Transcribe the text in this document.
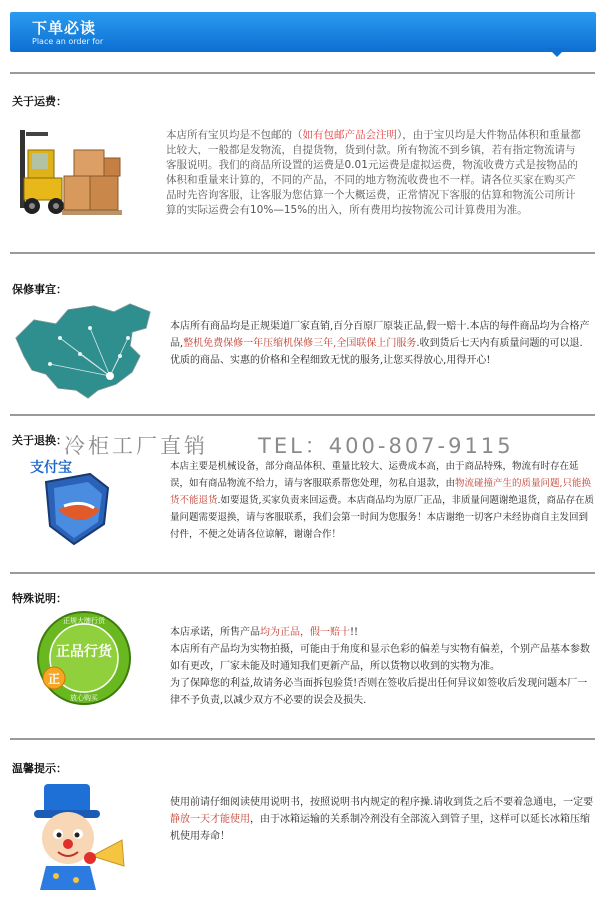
下单必读
Place an order for
关于运费：
本店所有宝贝均是不包邮的（如有包邮产品会注明），由于宝贝均是大件物品体积和重量都比较大，一般都是发物流，自提货物，货到付款。所有物流不到乡镇，若有指定物流请与客服说明。我们的商品所设置的运费是0.01元运费是虚拟运费，物流收费方式是按物品的体积和重量来计算的，不同的产品，不同的地方物流收费也不一样。请各位买家在购买产品时先咨询客服，让客服为您估算一个大概运费，正常情况下客服的估算和物流公司所计算的实际运费会有10%—15%的出入，所有费用均按物流公司计算费用为准。
保修事宜：
本店所有商品均是正规渠道厂家直销,百分百原厂原装正品,假一赔十.本店的每件商品均为合格产品,整机免费保修一年压缩机保修三年,全国联保上门服务.收到货后七天内有质量问题的可以退.优质的商品、实惠的价格和全程细致无忧的服务,让您买得放心,用得开心!
关于退换：
支付宝	本店主要是机械设备，部分商品体积、重量比较大、运费成本高，由于商品特殊，物流有时存在延误，如有商品物流不给力，请与客服联系帮您处理，勿私自退款，由物流碰撞产生的质量问题,只能换货不能退货.如要退货,买家负责来回运费。本店商品均为原厂正品，非质量问题谢绝退货，商品存在质量问题需要退换，请与客服联系，我们会第一时间为您服务！本店谢绝一切客户未经协商自主发回到付件，不便之处请各位谅解，谢谢合作！
冷柜工厂直销 TEL：400-807-9115
特殊说明：
正规大牌行货
正品行货
放心购买
正
本店承诺，所售产品均为正品，假一赔十!!
本店所有产品均为实物拍摄，可能由于角度和显示色彩的偏差与实物有偏差，个别产品基本参数如有更改，厂家未能及时通知我们更新产品，所以货物以收到的实物为准。
为了保障您的利益,故请务必当面拆包验货!否则在签收后提出任何异议如签收后发现问题本厂一律不予负责,以减少双方不必要的误会及损失.
温馨提示：
使用前请仔细阅读使用说明书，按照说明书内规定的程序操.请收到货之后不要着急通电，一定要静放一天才能使用，由于冰箱运输的关系制冷剂没有全部流入到管子里，这样可以延长冰箱压缩机使用寿命！
